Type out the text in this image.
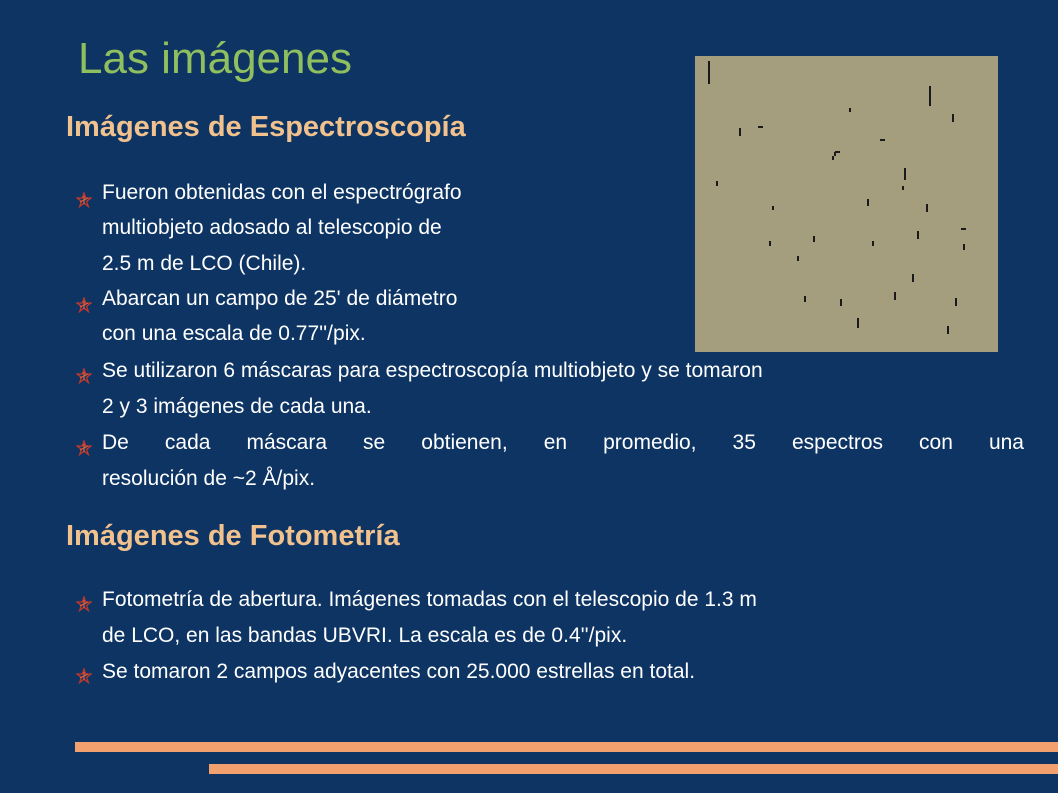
Las imágenes
Imágenes de Espectroscopía
Fueron obtenidas con el espectrógrafo
multiobjeto adosado al telescopio de
2.5 m de LCO (Chile).
Abarcan un campo de 25' de diámetro
con una escala de 0.77''/pix.
Se utilizaron 6 máscaras para espectroscopía multiobjeto y se tomaron
2 y 3 imágenes de cada una.
De cada máscara se obtienen, en promedio, 35 espectros con una
resolución de ~2 Å/pix.
Imágenes de Fotometría
Fotometría de abertura. Imágenes tomadas con el telescopio de 1.3 m
de LCO, en las bandas UBVRI. La escala es de 0.4''/pix.
Se tomaron 2 campos adyacentes con 25.000 estrellas en total.
